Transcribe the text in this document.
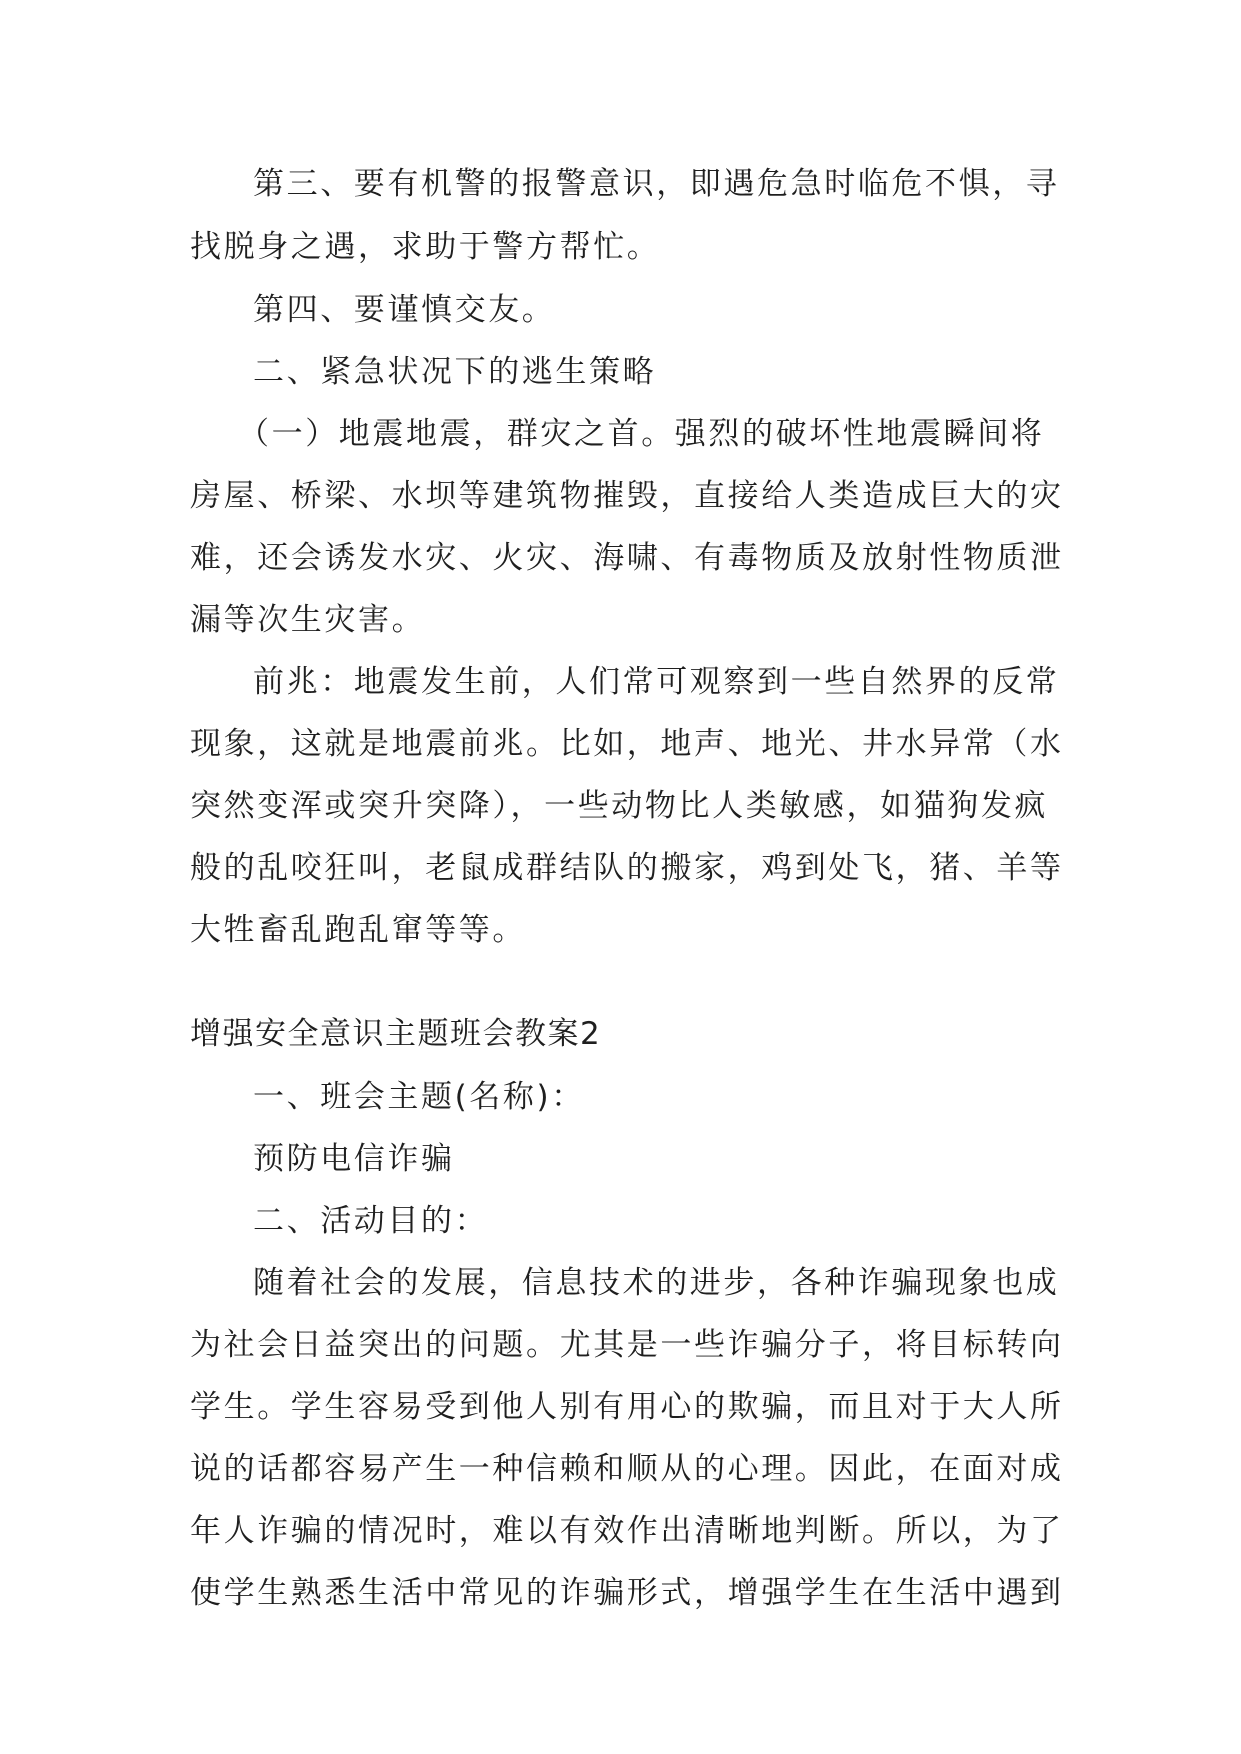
第三、要有机警的报警意识，即遇危急时临危不惧，寻
找脱身之遇，求助于警方帮忙。
第四、要谨慎交友。
二、紧急状况下的逃生策略
（一）地震地震，群灾之首。强烈的破坏性地震瞬间将
房屋、桥梁、水坝等建筑物摧毁，直接给人类造成巨大的灾
难，还会诱发水灾、火灾、海啸、有毒物质及放射性物质泄
漏等次生灾害。
前兆：地震发生前，人们常可观察到一些自然界的反常
现象，这就是地震前兆。比如，地声、地光、井水异常（水
突然变浑或突升突降），一些动物比人类敏感，如猫狗发疯
般的乱咬狂叫，老鼠成群结队的搬家，鸡到处飞，猪、羊等
大牲畜乱跑乱窜等等。
增强安全意识主题班会教案2
一、班会主题(名称)：
预防电信诈骗
二、活动目的：
随着社会的发展，信息技术的进步，各种诈骗现象也成
为社会日益突出的问题。尤其是一些诈骗分子，将目标转向
学生。学生容易受到他人别有用心的欺骗，而且对于大人所
说的话都容易产生一种信赖和顺从的心理。因此，在面对成
年人诈骗的情况时，难以有效作出清晰地判断。所以，为了
使学生熟悉生活中常见的诈骗形式，增强学生在生活中遇到
